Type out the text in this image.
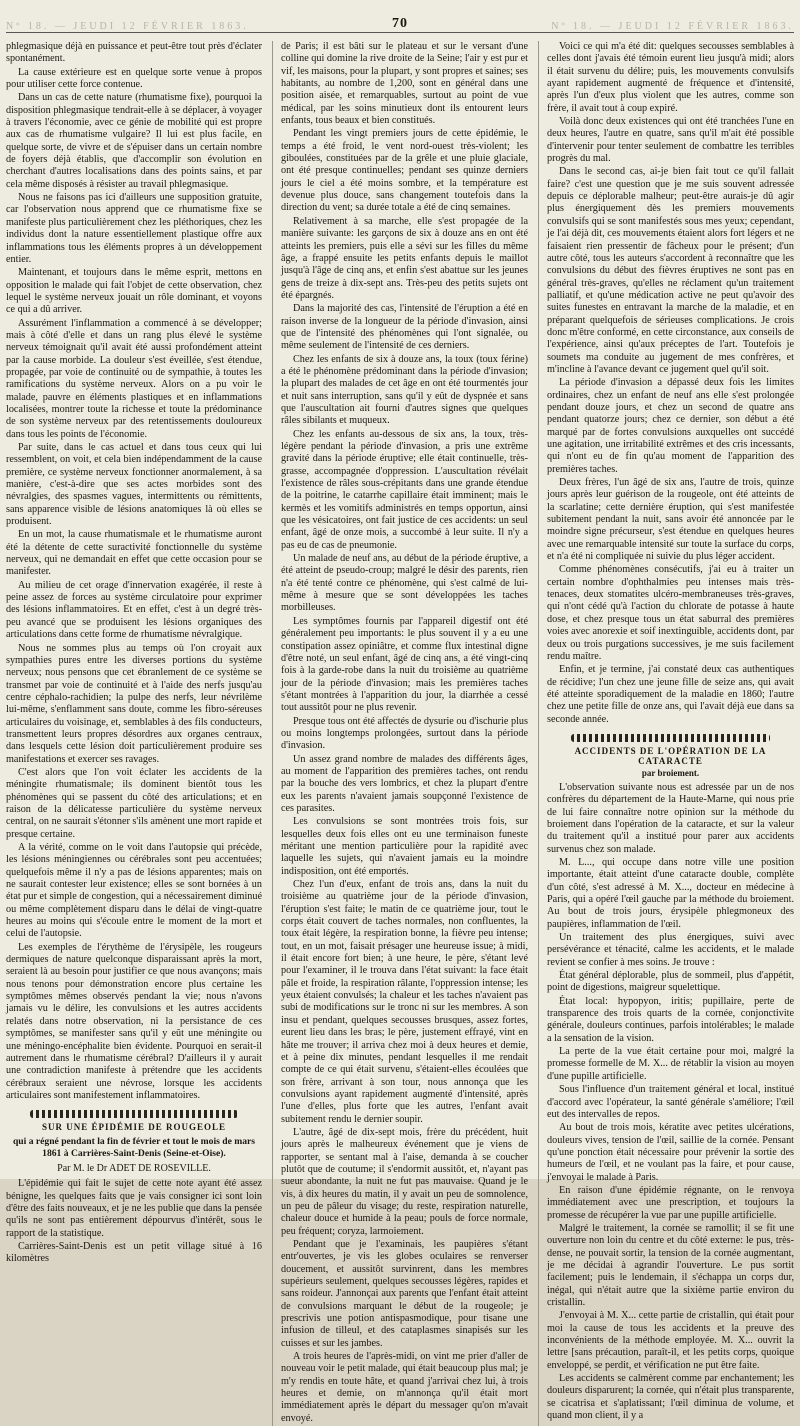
Nº 18. — JEUDI 12 FÉVRIER 1863.	70	Nº 18. — JEUDI 12 FÉVRIER 1863.

phlegmasique déjà en puissance et peut-être tout près d'éclater spontanément.

La cause extérieure est en quelque sorte venue à propos pour utiliser cette force contenue.

Dans un cas de cette nature (rhumatisme fixe), pourquoi la disposition phlegmasique tendrait-elle à se déplacer, à voyager à travers l'économie, avec ce génie de mobilité qui est propre aux cas de rhumatisme vulgaire? Il lui est plus facile, en quelque sorte, de vivre et de s'épuiser dans un certain nombre de foyers déjà établis, que d'accomplir son évolution en cherchant d'autres localisations dans des points sains, et par cela même disposés à résister au travail phlegmasique.

Nous ne faisons pas ici d'ailleurs une supposition gratuite, car l'observation nous apprend que ce rhumatisme fixe se manifeste plus particulièrement chez les pléthoriques, chez les individus dont la nature essentiellement plastique offre aux inflammations tous les éléments propres à un développement entier.

Maintenant, et toujours dans le même esprit, mettons en opposition le malade qui fait l'objet de cette observation, chez lequel le système nerveux jouait un rôle dominant, et voyons ce qui a dû arriver.

Assurément l'inflammation a commencé à se développer; mais à côté d'elle et dans un rang plus élevé le système nerveux témoignait qu'il avait été aussi profondément atteint par la cause morbide. La douleur s'est éveillée, s'est étendue, propagée, par voie de continuité ou de sympathie, à toutes les ramifications du système nerveux. Alors on a pu voir le malade, pauvre en éléments plastiques et en inflammations localisées, montrer toute la richesse et toute la prédominance de son système nerveux par des retentissements douloureux dans tous les points de l'économie.

Par suite, dans le cas actuel et dans tous ceux qui lui ressemblent, on voit, et cela bien indépendamment de la cause première, ce système nerveux fonctionner anormalement, à sa manière, c'est-à-dire que ses actes morbides sont des névralgies, des spasmes vagues, intermittents ou rémittents, sans apparence visible de lésions anatomiques là où elles se produisent.

En un mot, la cause rhumatismale et le rhumatisme auront été la détente de cette suractivité fonctionnelle du système nerveux, qui ne demandait en effet que cette occasion pour se manifester.

Au milieu de cet orage d'innervation exagérée, il reste à peine assez de forces au système circulatoire pour exprimer des lésions inflammatoires. Et en effet, c'est à un degré très-peu avancé que se produisent les lésions organiques des articulations dans cette forme de rhumatisme névralgique.

Nous ne sommes plus au temps où l'on croyait aux sympathies pures entre les diverses portions du système nerveux; nous pensons que cet ébranlement de ce système se transmet par voie de continuité et à l'aide des nerfs jusqu'au centre céphalo-rachidien; la pulpe des nerfs, leur névrilème lui-même, s'enflamment sans doute, comme les fibro-séreuses articulaires du voisinage, et, semblables à des fils conducteurs, transmettent leurs propres désordres aux organes centraux, dans lesquels cette lésion doit particulièrement produire ses manifestations et exercer ses ravages.

C'est alors que l'on voit éclater les accidents de la méningite rhumatismale; ils dominent bientôt tous les phénomènes qui se passent du côté des articulations; et en raison de la délicatesse particulière du système nerveux central, on ne saurait s'étonner s'ils amènent une mort rapide et presque certaine.

A la vérité, comme on le voit dans l'autopsie qui précède, les lésions méningiennes ou cérébrales sont peu accentuées; quelquefois même il n'y a pas de lésions apparentes; mais on ne saurait contester leur existence; elles se sont bornées à un état pur et simple de congestion, qui a nécessairement diminué ou même complètement disparu dans le délai de vingt-quatre heures au moins qui s'écoule entre le moment de la mort et celui de l'autopsie.

Les exemples de l'érythème de l'érysipèle, les rougeurs dermiques de nature quelconque disparaissant après la mort, seraient là au besoin pour justifier ce que nous avançons; mais nous tenons pour démonstration encore plus certaine les symptômes mêmes observés pendant la vie; nous n'avons jamais vu le délire, les convulsions et les autres accidents relatés dans notre observation, ni la persistance de ces symptômes, se manifester sans qu'il y eût une méningite ou une méningo-encéphalite bien évidente. Pourquoi en serait-il autrement dans le rhumatisme cérébral? D'ailleurs il y aurait une contradiction manifeste à prétendre que les accidents cérébraux seraient une névrose, lorsque les accidents articulaires sont manifestement inflammatoires.

SUR UNE ÉPIDÉMIE DE ROUGEOLE
qui a régné pendant la fin de février et tout le mois de mars 1861 à Carrières-Saint-Denis (Seine-et-Oise).
Par M. le Dr ADET DE ROSEVILLE.

L'épidémie qui fait le sujet de cette note ayant été assez bénigne, les quelques faits que je vais consigner ici sont loin d'être des faits nouveaux, et je ne les publie que dans la pensée qu'ils ne sont pas entièrement dépourvus d'intérêt, sous le rapport de la statistique.

Carrières-Saint-Denis est un petit village situé à 16 kilomètres

de Paris; il est bâti sur le plateau et sur le versant d'une colline qui domine la rive droite de la Seine; l'air y est pur et vif, les maisons, pour la plupart, y sont propres et saines; ses habitants, au nombre de 1,200, sont en général dans une position aisée, et remarquables, surtout au point de vue médical, par les soins minutieux dont ils entourent leurs enfants, tous beaux et bien constitués.

Pendant les vingt premiers jours de cette épidémie, le temps a été froid, le vent nord-ouest très-violent; les giboulées, constituées par de la grêle et une pluie glaciale, ont été presque continuelles; pendant ses quinze derniers jours le ciel a été moins sombre, et la température est devenue plus douce, sans changement toutefois dans la direction du vent; sa durée totale a été de cinq semaines.

Relativement à sa marche, elle s'est propagée de la manière suivante: les garçons de six à douze ans en ont été atteints les premiers, puis elle a sévi sur les filles du même âge, a frappé ensuite les petits enfants depuis le maillot jusqu'à l'âge de cinq ans, et enfin s'est abattue sur les jeunes gens de treize à dix-sept ans. Très-peu des petits sujets ont été épargnés.

Dans la majorité des cas, l'intensité de l'éruption a été en raison inverse de la longueur de la période d'invasion, ainsi que de l'intensité des phénomènes qui l'ont signalée, ou même seulement de l'intensité de ces derniers.

Chez les enfants de six à douze ans, la toux (toux férine) a été le phénomène prédominant dans la période d'invasion; la plupart des malades de cet âge en ont été tourmentés jour et nuit sans interruption, sans qu'il y eût de dyspnée et sans que l'auscultation ait fourni d'autres signes que quelques râles sibilants et muqueux.

Chez les enfants au-dessous de six ans, la toux, très-légère pendant la période d'invasion, a pris une extrême gravité dans la période éruptive; elle était continuelle, très-grasse, accompagnée d'oppression. L'auscultation révélait l'existence de râles sous-crépitants dans une grande étendue de la poitrine, le catarrhe capillaire était imminent; mais le kermès et les vomitifs administrés en temps opportun, ainsi que les vésicatoires, ont fait justice de ces accidents: un seul enfant, âgé de onze mois, a succombé à leur suite. Il n'y a pas eu de cas de pneumonie.

Un malade de neuf ans, au début de la période éruptive, a été atteint de pseudo-croup; malgré le désir des parents, rien n'a été tenté contre ce phénomène, qui s'est calmé de lui-même à mesure que se sont développées les taches morbilleuses.

Les symptômes fournis par l'appareil digestif ont été généralement peu importants: le plus souvent il y a eu une constipation assez opiniâtre, et comme flux intestinal digne d'être noté, un seul enfant, âgé de cinq ans, a été vingt-cinq fois à la garde-robe dans la nuit du troisième au quatrième jour de la période d'invasion; mais les premières taches s'étant montrées à l'apparition du jour, la diarrhée a cessé tout aussitôt pour ne plus revenir.

Presque tous ont été affectés de dysurie ou d'ischurie plus ou moins longtemps prolongées, surtout dans la période d'invasion.

Un assez grand nombre de malades des différents âges, au moment de l'apparition des premières taches, ont rendu par la bouche des vers lombrics, et chez la plupart d'entre eux les parents n'avaient jamais soupçonné l'existence de ces parasites.

Les convulsions se sont montrées trois fois, sur lesquelles deux fois elles ont eu une terminaison funeste méritant une mention particulière pour la rapidité avec laquelle les sujets, qui n'avaient jamais eu la moindre indisposition, ont été emportés.

Chez l'un d'eux, enfant de trois ans, dans la nuit du troisième au quatrième jour de la période d'invasion, l'éruption s'est faite; le matin de ce quatrième jour, tout le corps était couvert de taches normales, non confluentes, la toux était légère, la respiration bonne, la fièvre peu intense; tout, en un mot, faisait présager une heureuse issue; à midi, il était encore fort bien; à une heure, le père, s'étant levé pour l'examiner, il le trouva dans l'état suivant: la face était pâle et froide, la respiration râlante, l'oppression intense; les yeux étaient convulsés; la chaleur et les taches n'avaient pas subi de modifications sur le tronc ni sur les membres. A son insu et pendant, quelques secousses brusques, assez fortes, eurent lieu dans les bras; le père, justement effrayé, vint en hâte me trouver; il arriva chez moi à deux heures et demie, et à peine dix minutes, pendant lesquelles il me rendait compte de ce qui était survenu, s'étaient-elles écoulées que son frère, arrivant à son tour, nous annonça que les convulsions ayant rapidement augmenté d'intensité, après l'une d'elles, plus forte que les autres, l'enfant avait subitement rendu le dernier soupir.

L'autre, âgé de dix-sept mois, frère du précédent, huit jours après le malheureux événement que je viens de rapporter, se sentant mal à l'aise, demanda à se coucher plutôt que de coutume; il s'endormit aussitôt, et, n'ayant pas sueur abondante, la nuit ne fut pas mauvaise. Quand je le vis, à dix heures du matin, il y avait un peu de somnolence, un peu de pâleur du visage; du reste, respiration naturelle, chaleur douce et humide à la peau; pouls de force normale, peu fréquent; coryza, larmoiement.

Pendant que je l'examinais, les paupières s'étant entr'ouvertes, je vis les globes oculaires se renverser doucement, et aussitôt survinrent, dans les membres supérieurs seulement, quelques secousses légères, rapides et sans roideur. J'annonçai aux parents que l'enfant était atteint de convulsions marquant le début de la rougeole; je prescrivis une potion antispasmodique, pour tisane une infusion de tilleul, et des cataplasmes sinapisés sur les cuisses et sur les jambes.

A trois heures de l'après-midi, on vint me prier d'aller de nouveau voir le petit malade, qui était beaucoup plus mal; je m'y rendis en toute hâte, et quand j'arrivai chez lui, à trois heures et demie, on m'annonça qu'il était mort immédiatement après le départ du messager qu'on m'avait envoyé.

Voici ce qui m'a été dit: quelques secousses semblables à celles dont j'avais été témoin eurent lieu jusqu'à midi; alors il était survenu du délire; puis, les mouvements convulsifs ayant rapidement augmenté de fréquence et d'intensité, après l'un d'eux plus violent que les autres, comme son frère, il avait tout à coup expiré.

Voilà donc deux existences qui ont été tranchées l'une en deux heures, l'autre en quatre, sans qu'il m'ait été possible d'intervenir pour tenter seulement de combattre les terribles progrès du mal.

Dans le second cas, ai-je bien fait tout ce qu'il fallait faire? c'est une question que je me suis souvent adressée depuis ce déplorable malheur; peut-être aurais-je dû agir plus énergiquement dès les premiers mouvements convulsifs qui se sont manifestés sous mes yeux; cependant, je l'ai déjà dit, ces mouvements étaient alors fort légers et ne faisaient rien pressentir de fâcheux pour le présent; d'un autre côté, tous les auteurs s'accordent à reconnaître que les convulsions du début des fièvres éruptives ne sont pas en général très-graves, qu'elles ne réclament qu'un traitement palliatif, et qu'une médication active ne peut qu'avoir des suites funestes en entravant la marche de la maladie, et en préparant quelquefois de sérieuses complications. Je crois donc m'être conformé, en cette circonstance, aux conseils de l'expérience, ainsi qu'aux préceptes de l'art. Toutefois je soumets ma conduite au jugement de mes confrères, et m'incline à l'avance devant ce jugement quel qu'il soit.

La période d'invasion a dépassé deux fois les limites ordinaires, chez un enfant de neuf ans elle s'est prolongée pendant douze jours, et chez un second de quatre ans pendant quatorze jours; chez ce dernier, son début a été marqué par de fortes convulsions auxquelles ont succédé une agitation, une irritabilité extrêmes et des cris incessants, qui n'ont eu de fin qu'au moment de l'apparition des premières taches.

Deux frères, l'un âgé de six ans, l'autre de trois, quinze jours après leur guérison de la rougeole, ont été atteints de la scarlatine; cette dernière éruption, qui s'est manifestée subitement pendant la nuit, sans avoir été annoncée par le moindre signe précurseur, s'est étendue en quelques heures avec une remarquable intensité sur toute la surface du corps, et n'a été ni compliquée ni suivie du plus léger accident.

Comme phénomènes consécutifs, j'ai eu à traiter un certain nombre d'ophthalmies peu intenses mais très-tenaces, deux stomatites ulcéro-membraneuses très-graves, qui n'ont cédé qu'à l'action du chlorate de potasse à haute dose, et chez presque tous un état saburral des premières voies avec anorexie et soif inextinguible, accidents dont, par deux ou trois purgations successives, je me suis facilement rendu maître.

Enfin, et je termine, j'ai constaté deux cas authentiques de récidive; l'un chez une jeune fille de seize ans, qui avait été atteinte sporadiquement de la maladie en 1860; l'autre chez une petite fille de onze ans, qui l'avait déjà eue dans sa seconde année.

ACCIDENTS DE L'OPÉRATION DE LA CATARACTE
par broiement.

L'observation suivante nous est adressée par un de nos confrères du département de la Haute-Marne, qui nous prie de lui faire connaître notre opinion sur la méthode du broiement dans l'opération de la cataracte, et sur la valeur du traitement qu'il a institué pour parer aux accidents survenus chez son malade.

M. L..., qui occupe dans notre ville une position importante, était atteint d'une cataracte double, complète d'un côté, s'est adressé à M. X..., docteur en médecine à Paris, qui a opéré l'œil gauche par la méthode du broiement. Au bout de trois jours, érysipèle phlegmoneux des paupières, inflammation de l'œil.

Un traitement des plus énergiques, suivi avec persévérance et ténacité, calme les accidents, et le malade revient se confier à mes soins. Je trouve :

État général déplorable, plus de sommeil, plus d'appétit, point de digestions, maigreur squelettique.

État local: hypopyon, iritis; pupillaire, perte de transparence des trois quarts de la cornée, conjonctivite générale, douleurs continues, parfois intolérables; le malade a la sensation de la vision.

La perte de la vue était certaine pour moi, malgré la promesse formelle de M. X... de rétablir la vision au moyen d'une pupille artificielle.

Sous l'influence d'un traitement général et local, institué d'accord avec l'opérateur, la santé générale s'améliore; l'œil eut des intervalles de repos.

Au bout de trois mois, kératite avec petites ulcérations, douleurs vives, tension de l'œil, saillie de la cornée. Pensant qu'une ponction était nécessaire pour prévenir la sortie des humeurs de l'œil, et ne voulant pas la faire, et pour cause, j'envoyai le malade à Paris.

En raison d'une épidémie régnante, on le renvoya immédiatement avec une prescription, et toujours la promesse de récupérer la vue par une pupille artificielle.

Malgré le traitement, la cornée se ramollit; il se fit une ouverture non loin du centre et du côté externe: le pus, très-dense, ne pouvait sortir, la tension de la cornée augmentant, je me décidai à agrandir l'ouverture. Le pus sortit facilement; puis le lendemain, il s'échappa un corps dur, inégal, qui n'était autre que la sixième partie environ du cristallin.

J'envoyai à M. X... cette partie de cristallin, qui était pour moi la cause de tous les accidents et la preuve des inconvénients de la méthode employée. M. X... ouvrit la lettre [sans précaution, paraît-il, et les petits corps, quoique enveloppé, se perdit, et vérification ne put être faite.

Les accidents se calmèrent comme par enchantement; les douleurs disparurent; la cornée, qui n'était plus transparente, se cicatrisa et s'aplatissant; l'œil diminua de volume, et quand mon client, il y a
